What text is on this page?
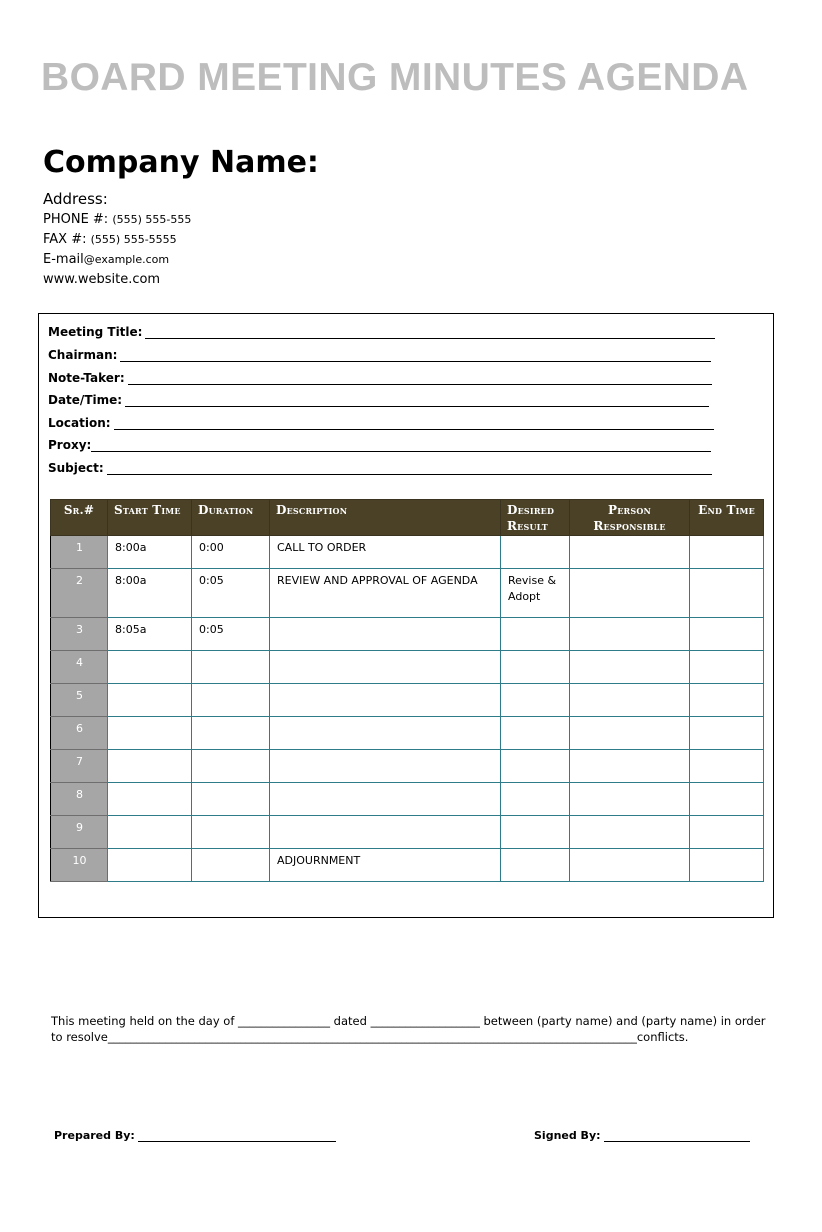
BOARD MEETING MINUTES AGENDA
Company Name:
Address:
PHONE #: (555) 555-555
FAX #: (555) 555-5555
E-mail@example.com
www.website.com
Meeting Title:
Chairman:
Note-Taker:
Date/Time:
Location:
Proxy:
Subject:
Sr.#	Start Time	Duration	Description	Desired Result	Person Responsible	End Time
1	8:00a	0:00	CALL TO ORDER			
2	8:00a	0:05	REVIEW AND APPROVAL OF AGENDA	Revise & Adopt		
3	8:05a	0:05				
4						
5						
6						
7						
8						
9						
10			ADJOURNMENT			

This meeting held on the day of ________________ dated ___________________ between (party name) and (party name) in order to resolve____________________________________________________________________________________________conflicts.

Prepared By:	Signed By:
